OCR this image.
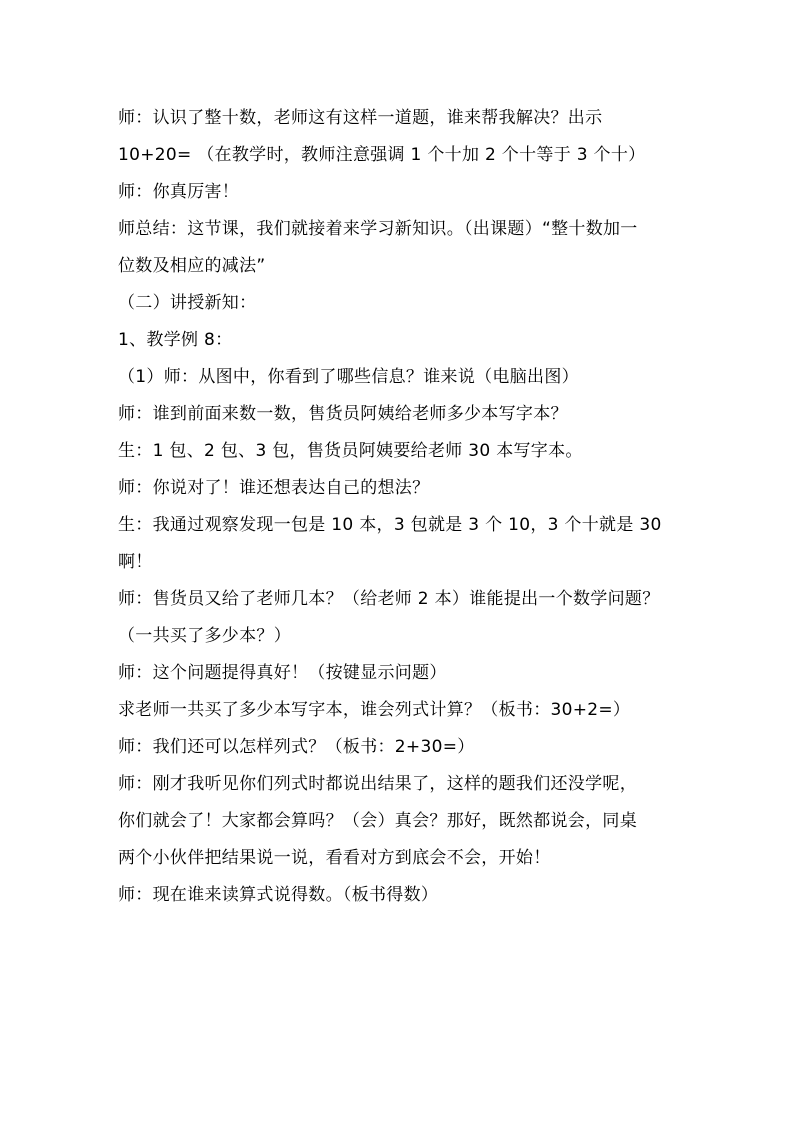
师：认识了整十数，老师这有这样一道题，谁来帮我解决？出示
10+20= （在教学时，教师注意强调 1 个十加 2 个十等于 3 个十）
师：你真厉害！
师总结：这节课，我们就接着来学习新知识。（出课题）“整十数加一
位数及相应的减法”
（二）讲授新知：
1、教学例 8：
（1）师：从图中，你看到了哪些信息？谁来说（电脑出图）
师：谁到前面来数一数，售货员阿姨给老师多少本写字本？
生：1 包、2 包、3 包，售货员阿姨要给老师 30 本写字本。
师：你说对了！谁还想表达自己的想法？
生：我通过观察发现一包是 10 本，3 包就是 3 个 10，3 个十就是 30
啊！
师：售货员又给了老师几本？（给老师 2 本）谁能提出一个数学问题？
（一共买了多少本？）
师：这个问题提得真好！（按键显示问题）
求老师一共买了多少本写字本，谁会列式计算？（板书：30+2=）
师：我们还可以怎样列式？（板书：2+30=）
师：刚才我听见你们列式时都说出结果了，这样的题我们还没学呢，
你们就会了！大家都会算吗？（会）真会？那好，既然都说会，同桌
两个小伙伴把结果说一说，看看对方到底会不会，开始！
师：现在谁来读算式说得数。（板书得数）
